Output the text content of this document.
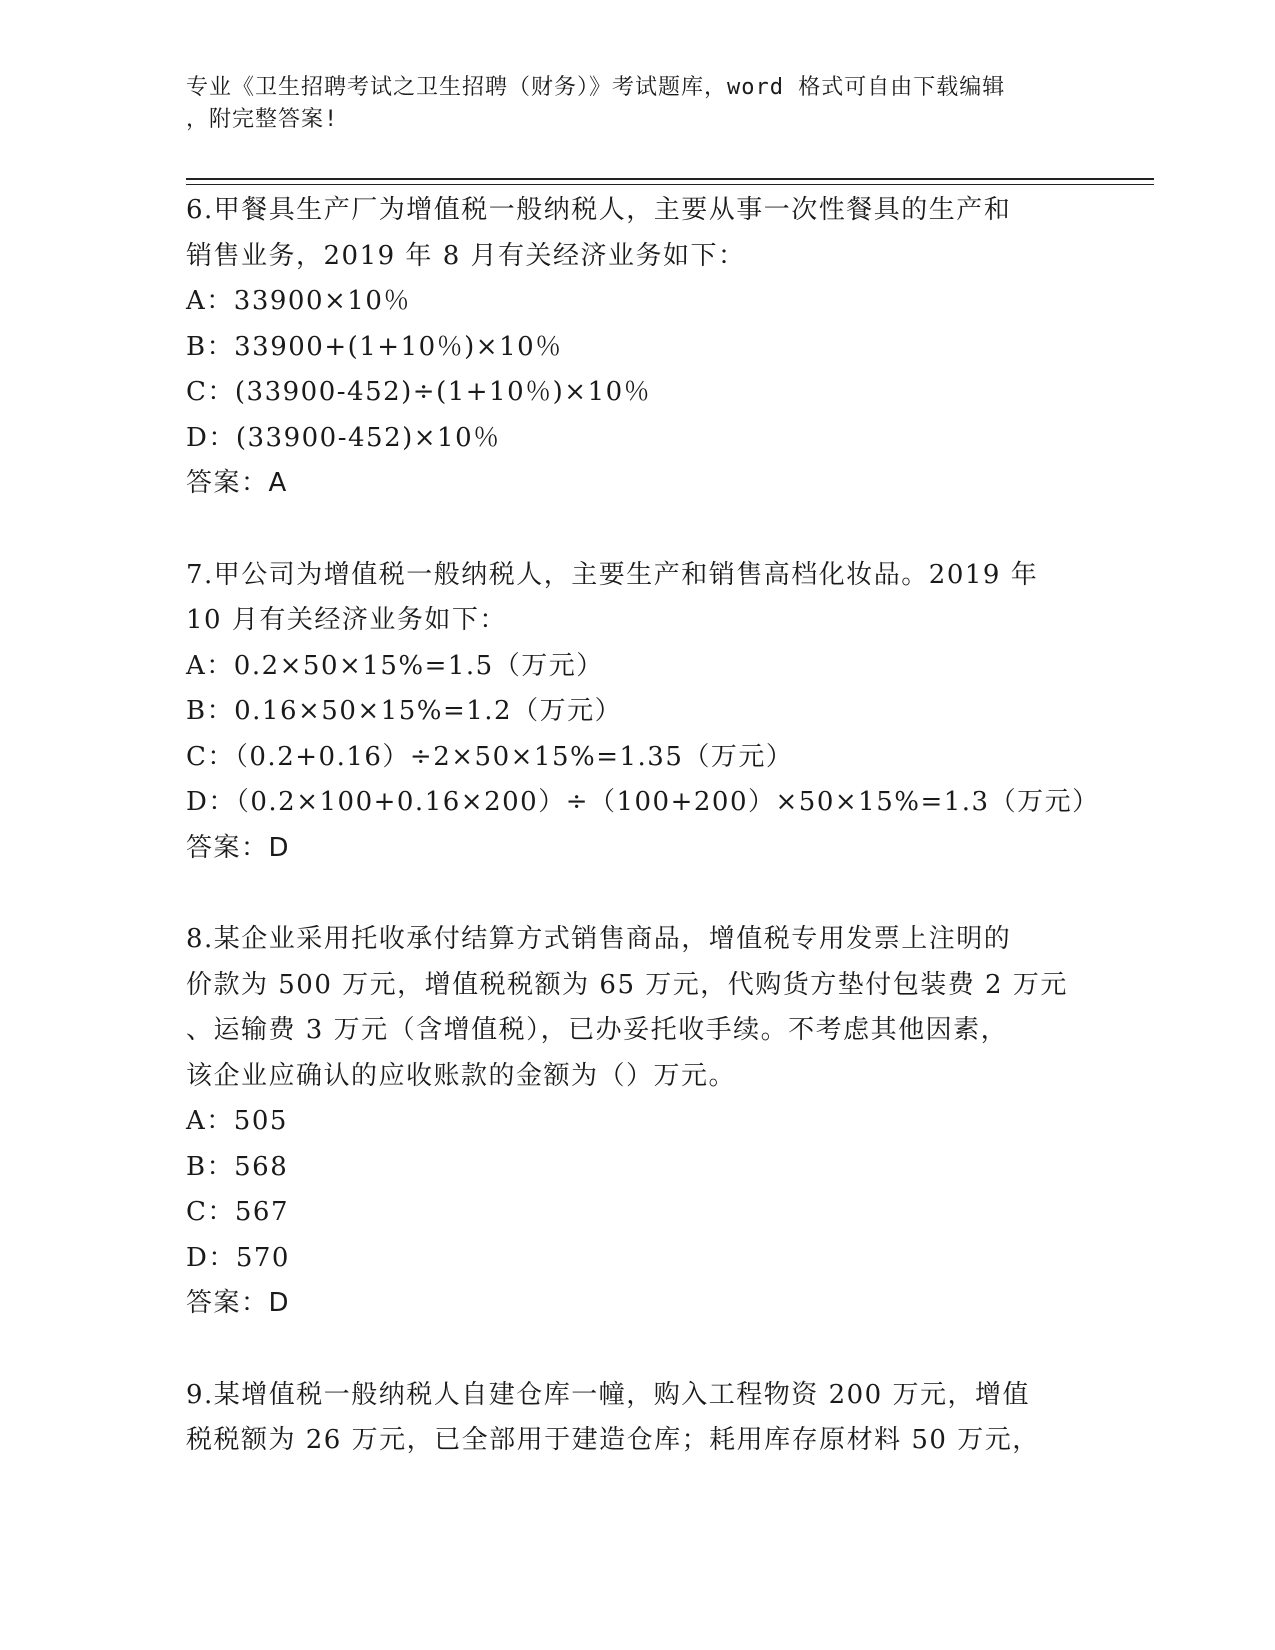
专业《卫生招聘考试之卫生招聘（财务）》考试题库，word 格式可自由下载编辑
，附完整答案!
6.甲餐具生产厂为增值税一般纳税人，主要从事一次性餐具的生产和
销售业务，2019 年 8 月有关经济业务如下：
A：33900×10％
B：33900+(1+10％)×10％
C：(33900-452)÷(1+10％)×10％
D：(33900-452)×10％
答案：A
7.甲公司为增值税一般纳税人，主要生产和销售高档化妆品。2019 年
10 月有关经济业务如下：
A：0.2×50×15%=1.5（万元）
B：0.16×50×15%=1.2（万元）
C：（0.2+0.16）÷2×50×15%=1.35（万元）
D：（0.2×100+0.16×200）÷（100+200）×50×15%=1.3（万元）
答案：D
8.某企业采用托收承付结算方式销售商品，增值税专用发票上注明的
价款为 500 万元，增值税税额为 65 万元，代购货方垫付包装费 2 万元
、运输费 3 万元（含增值税），已办妥托收手续。不考虑其他因素，
该企业应确认的应收账款的金额为（）万元。
A：505
B：568
C：567
D：570
答案：D
9.某增值税一般纳税人自建仓库一幢，购入工程物资 200 万元，增值
税税额为 26 万元，已全部用于建造仓库；耗用库存原材料 50 万元，
